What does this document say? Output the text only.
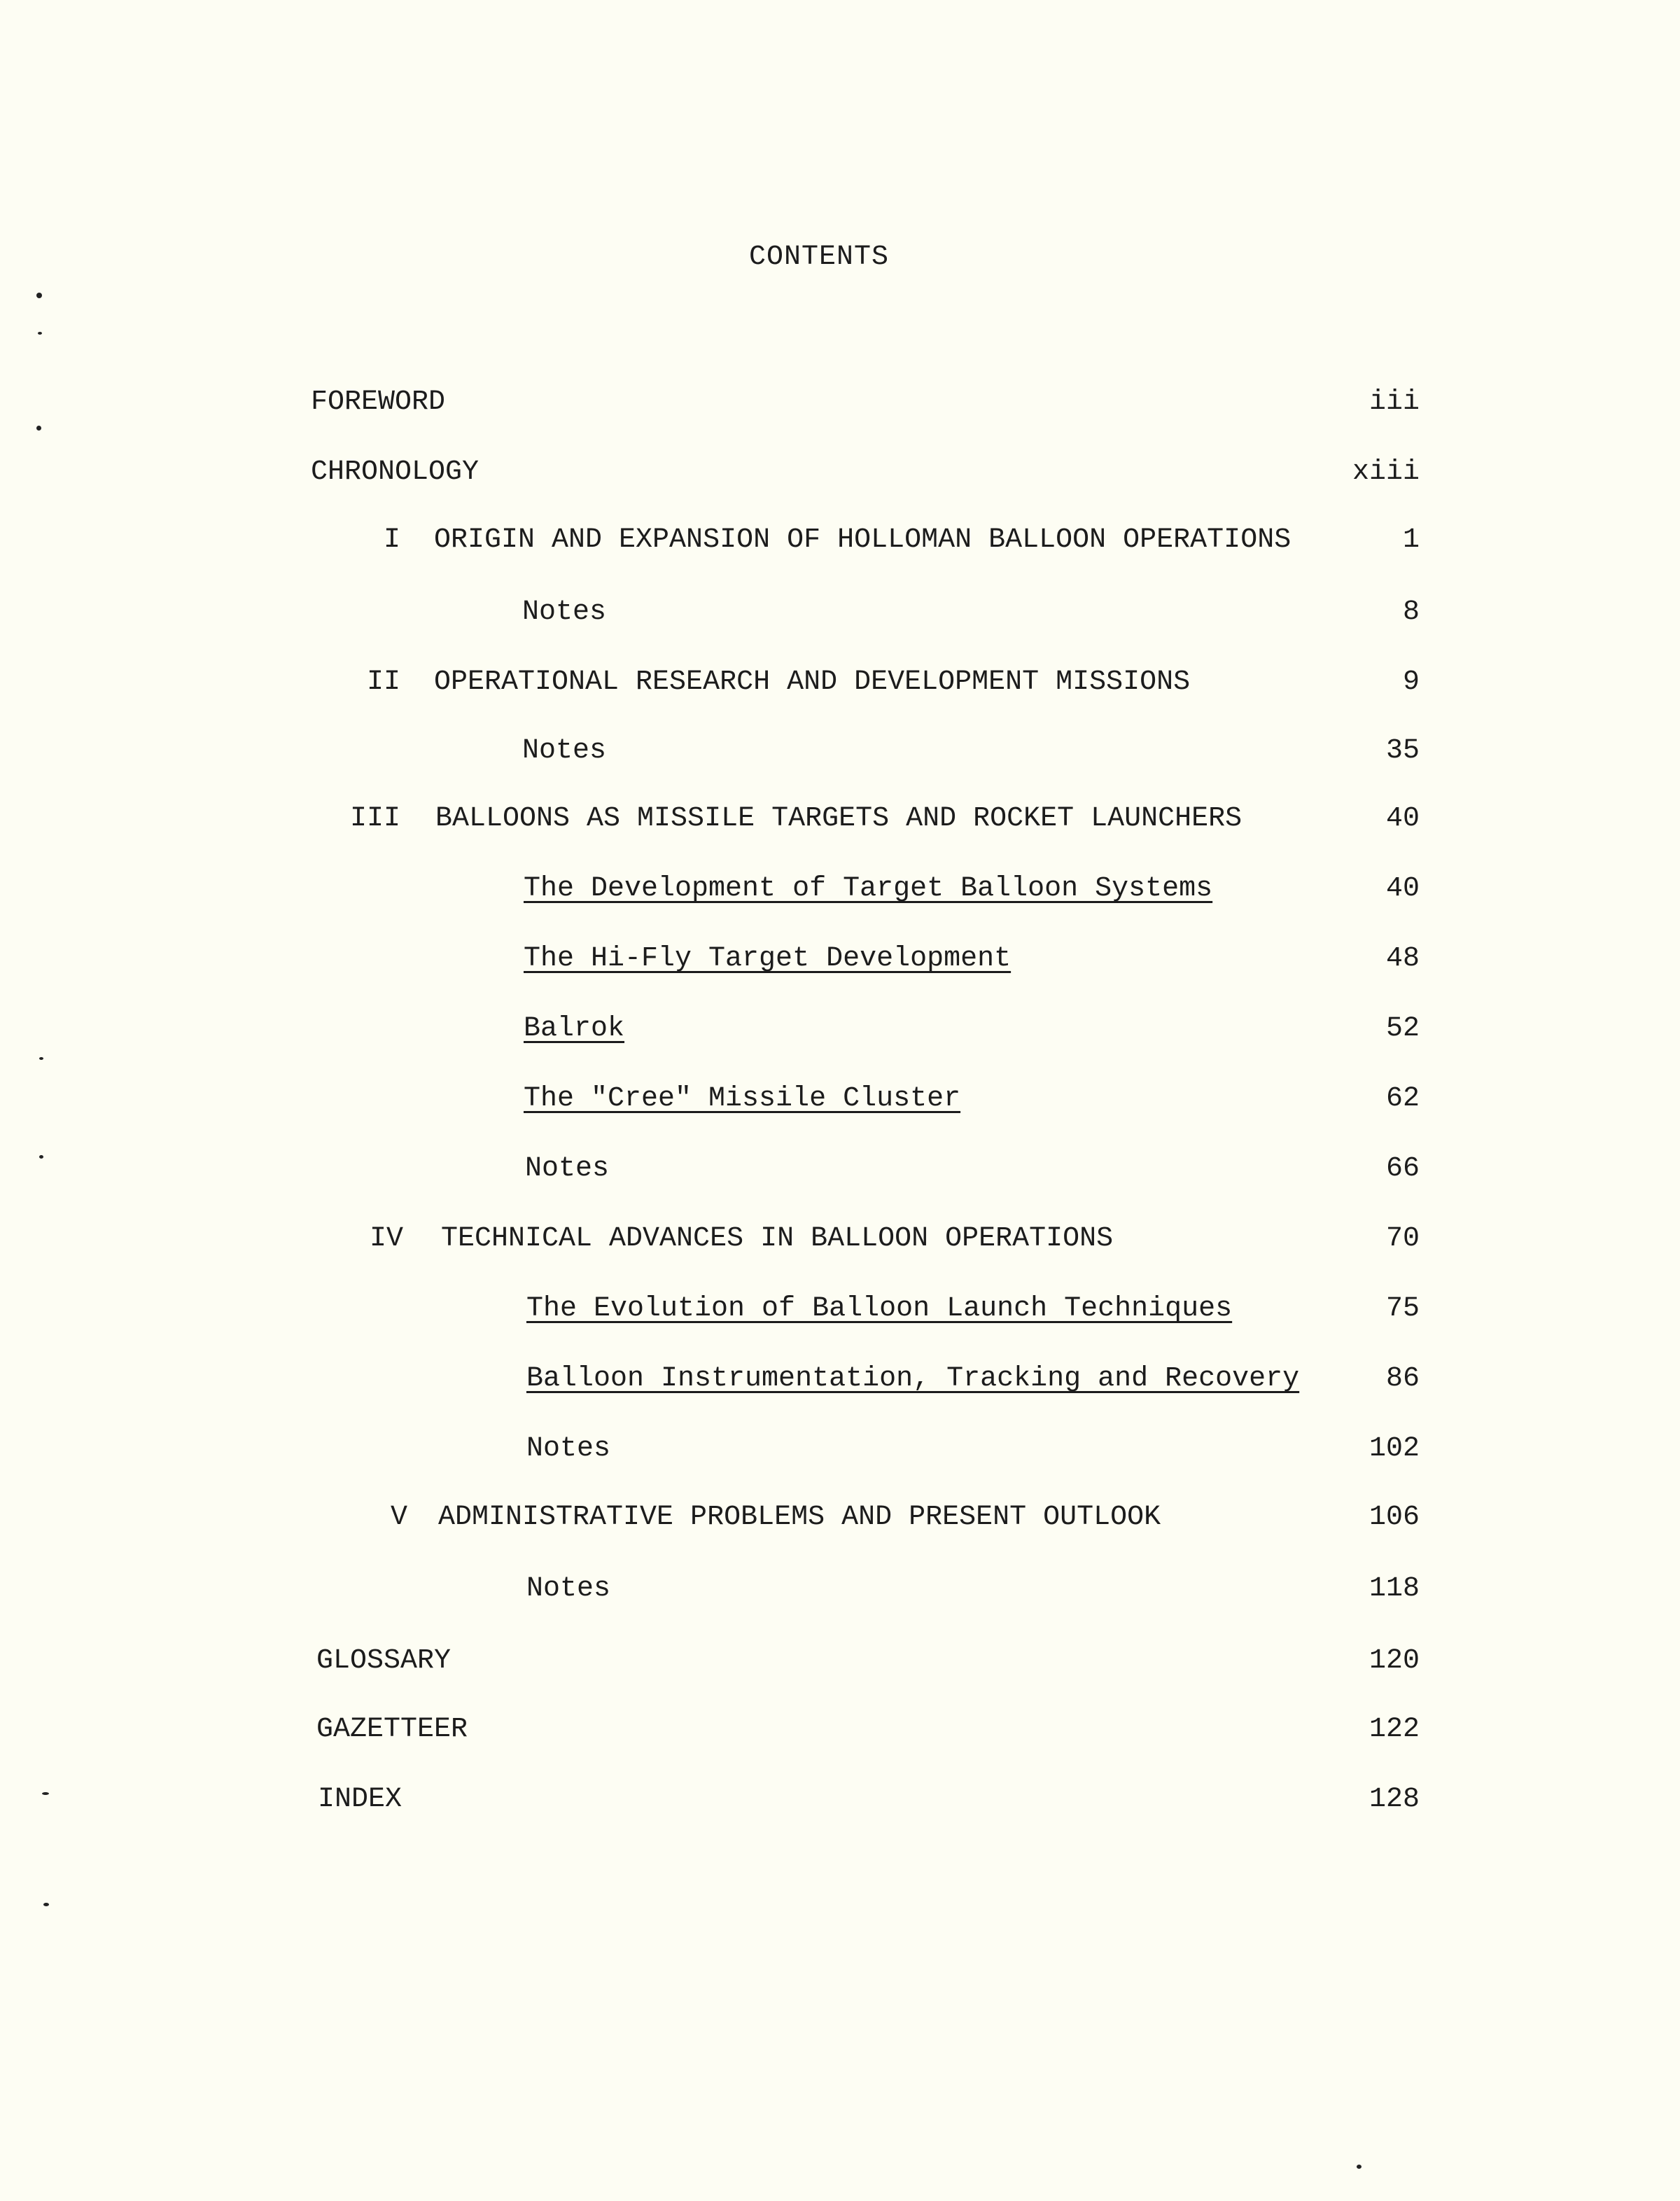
CONTENTS
FOREWORD	iii
CHRONOLOGY	xiii
I ORIGIN AND EXPANSION OF HOLLOMAN BALLOON OPERATIONS	1
Notes	8
II OPERATIONAL RESEARCH AND DEVELOPMENT MISSIONS	9
Notes	35
III BALLOONS AS MISSILE TARGETS AND ROCKET LAUNCHERS	40
The Development of Target Balloon Systems	40
The Hi-Fly Target Development	48
Balrok	52
The "Cree" Missile Cluster	62
Notes	66
IV TECHNICAL ADVANCES IN BALLOON OPERATIONS	70
The Evolution of Balloon Launch Techniques	75
Balloon Instrumentation, Tracking and Recovery	86
Notes	102
V ADMINISTRATIVE PROBLEMS AND PRESENT OUTLOOK	106
Notes	118
GLOSSARY	120
GAZETTEER	122
INDEX	128
